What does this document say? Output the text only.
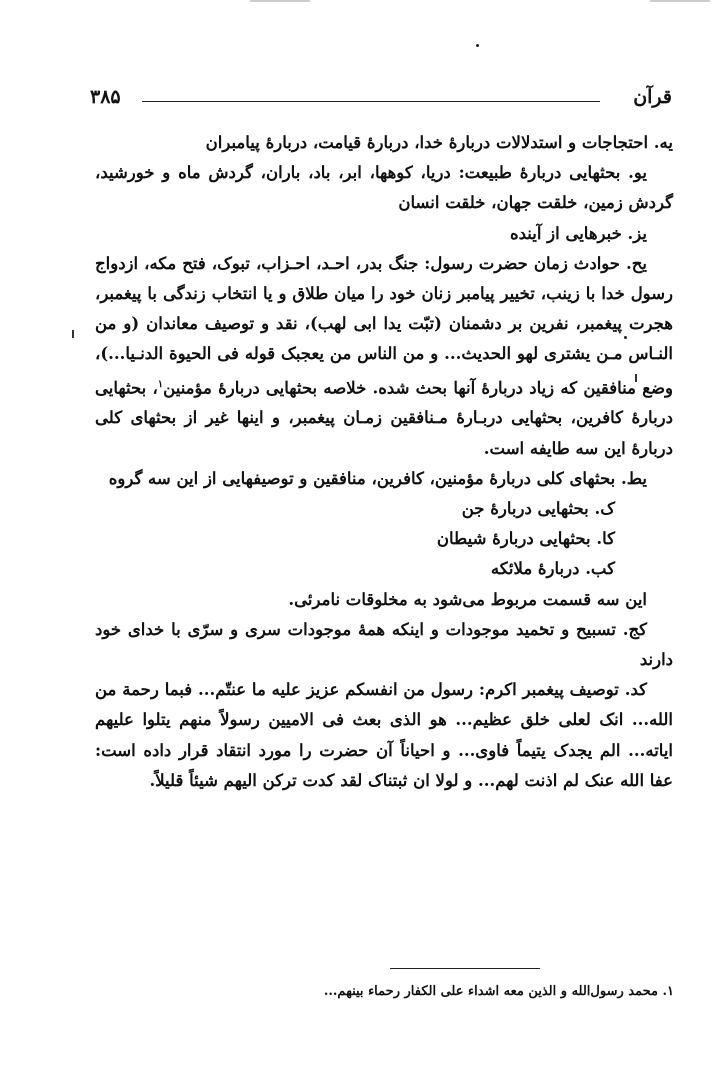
قرآن
۳۸۵

یه. احتجاجات و استدلالات دربارهٔ خدا، دربارهٔ قیامت، دربارهٔ پیامبران

یو. بحثهایی دربارهٔ طبیعت: دریا، کوهها، ابر، باد، باران، گردش ماه و خورشید، گردش زمین، خلقت جهان، خلقت انسان

یز. خبرهایی از آینده

یح. حوادث زمان حضرت رسول: جنگ بدر، احـد، احـزاب، تبوک، فتح مکه، ازدواج رسول خدا با زینب، تخییر پیامبر زنان خود را میان طلاق و یا انتخاب زندگی با پیغمبر، هجرت پیغمبر، نفرین بر دشمنان (تبّت یدا ابی لهب)، نقد و توصیف معاندان (و من النـاس مـن یشتری لهو الحدیث... و من الناس من یعجبک قوله فی الحیوة الدنـیا...)، وضع منافقین که زیاد دربارهٔ آنها بحث شده. خلاصه بحثهایی دربارهٔ مؤمنین$^۱$، بحثهایی دربارهٔ کافرین، بحثهایی دربـارهٔ مـنافقین زمـان پیغمبر، و اینها غیر از بحثهای کلی دربارهٔ این سه طایفه است.

یط. بحثهای کلی دربارهٔ مؤمنین، کافرین، منافقین و توصیفهایی از این سه گروه

ک. بحثهایی دربارهٔ جن

کا. بحثهایی دربارهٔ شیطان

کب. دربارهٔ ملائکه

این سه قسمت مربوط می‌شود به مخلوقات نامرئی.

کج. تسبیح و تحمید موجودات و اینکه همهٔ موجودات سری و سرّی با خدای خود دارند

کد. توصیف پیغمبر اکرم: رسول من انفسکم عزیز علیه ما عنتّم... فبما رحمة من الله... انک لعلی خلق عظیم... هو الذی بعث فی الامیین رسولاً منهم یتلوا علیهم ایاته... الم یجدک یتیماً فاوی... و احیاناً آن حضرت را مورد انتقاد قرار داده است: عفا الله عنک لم اذنت لهم... و لولا ان ثبتناک لقد کدت ترکن الیهم شیئاً قلیلاً.

۱. محمد رسول‌الله و الذین معه اشداء علی الکفار رحماء بینهم...
